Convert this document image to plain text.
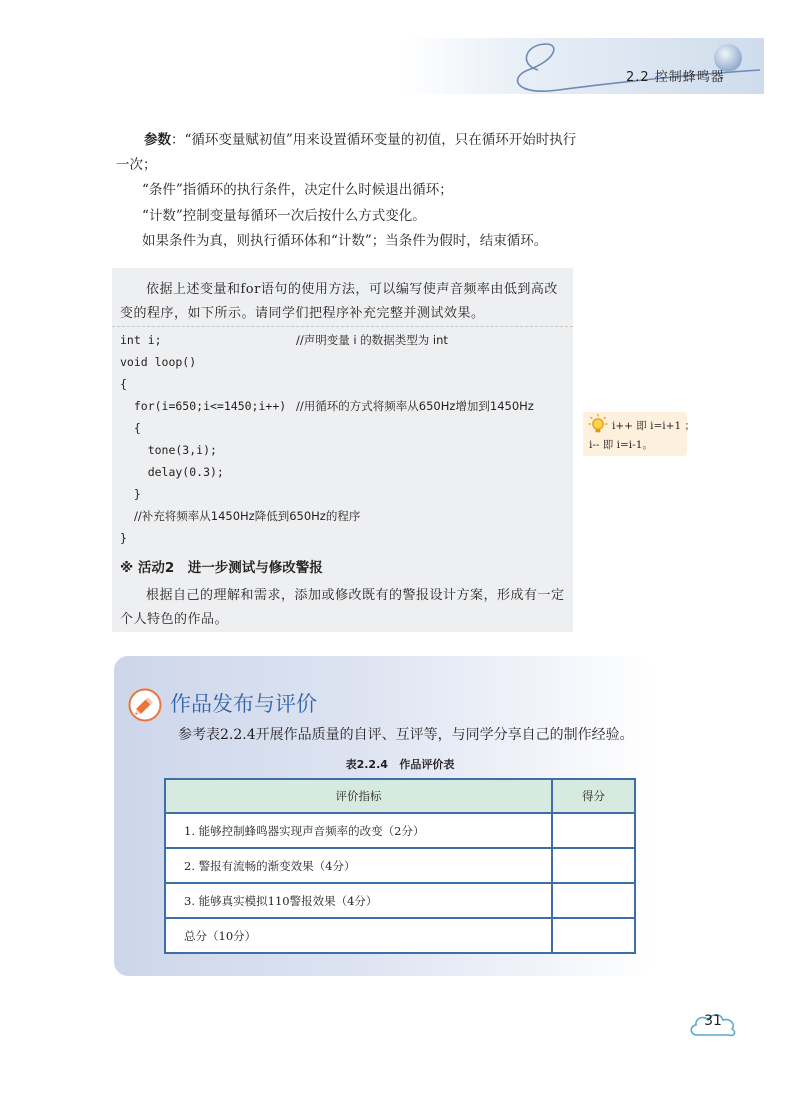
2.2 控制蜂鸣器
参数：“循环变量赋初值”用来设置循环变量的初值，只在循环开始时执行一次；
“条件”指循环的执行条件，决定什么时候退出循环；
“计数”控制变量每循环一次后按什么方式变化。
如果条件为真，则执行循环体和“计数”；当条件为假时，结束循环。
依据上述变量和for语句的使用方法，可以编写使声音频率由低到高改变的程序，如下所示。请同学们把程序补充完整并测试效果。
int i;	//声明变量 i 的数据类型为 int
void loop()
{
for(i=650;i<=1450;i++) //用循环的方式将频率从650Hz增加到1450Hz
{
tone(3,i);
delay(0.3);
}
//补充将频率从1450Hz降低到650Hz的程序
}
※ 活动2　进一步测试与修改警报
根据自己的理解和需求，添加或修改既有的警报设计方案，形成有一定个人特色的作品。
i++ 即 i=i+1 ；
i-- 即 i=i-1。
作品发布与评价
参考表2.2.4开展作品质量的自评、互评等，与同学分享自己的制作经验。
表2.2.4 作品评价表
评价指标	得分
1. 能够控制蜂鸣器实现声音频率的改变（2分）	
2. 警报有流畅的渐变效果（4分）	
3. 能够真实模拟110警报效果（4分）	
总分（10分）	
31
